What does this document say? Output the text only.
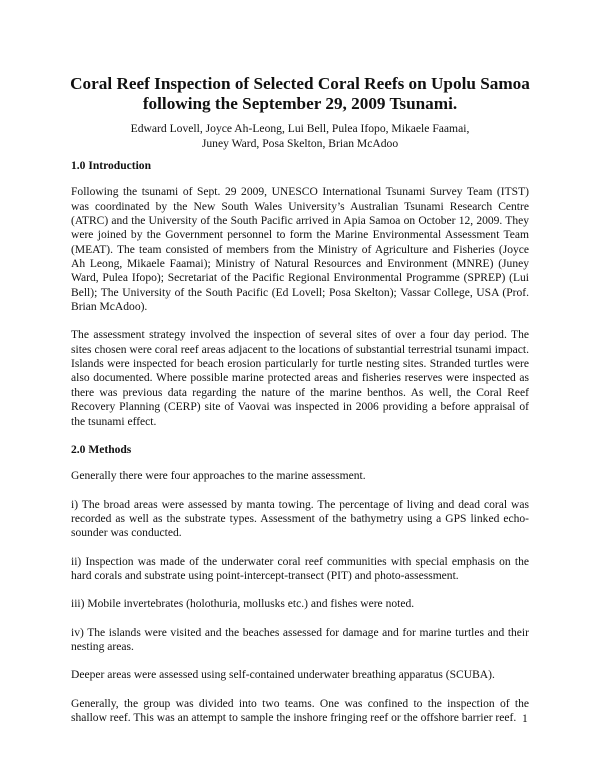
Coral Reef Inspection of Selected Coral Reefs on Upolu Samoa
following the September 29, 2009 Tsunami.
Edward Lovell, Joyce Ah-Leong, Lui Bell, Pulea Ifopo, Mikaele Faamai,
Juney Ward, Posa Skelton, Brian McAdoo
1.0 Introduction

Following the tsunami of Sept. 29 2009, UNESCO International Tsunami Survey Team (ITST) was coordinated by the New South Wales University’s Australian Tsunami Research Centre (ATRC) and the University of the South Pacific arrived in Apia Samoa on October 12, 2009. They were joined by the Government personnel to form the Marine Environmental Assessment Team (MEAT). The team consisted of members from the Ministry of Agriculture and Fisheries (Joyce Ah Leong, Mikaele Faamai); Ministry of Natural Resources and Environment (MNRE) (Juney Ward, Pulea Ifopo); Secretariat of the Pacific Regional Environmental Programme (SPREP) (Lui Bell); The University of the South Pacific (Ed Lovell; Posa Skelton); Vassar College, USA (Prof. Brian McAdoo).

The assessment strategy involved the inspection of several sites of over a four day period. The sites chosen were coral reef areas adjacent to the locations of substantial terrestrial tsunami impact. Islands were inspected for beach erosion particularly for turtle nesting sites. Stranded turtles were also documented. Where possible marine protected areas and fisheries reserves were inspected as there was previous data regarding the nature of the marine benthos. As well, the Coral Reef Recovery Planning (CERP) site of Vaovai was inspected in 2006 providing a before appraisal of the tsunami effect.

2.0 Methods

Generally there were four approaches to the marine assessment.

i) The broad areas were assessed by manta towing. The percentage of living and dead coral was recorded as well as the substrate types. Assessment of the bathymetry using a GPS linked echo-sounder was conducted.

ii) Inspection was made of the underwater coral reef communities with special emphasis on the hard corals and substrate using point-intercept-transect (PIT) and photo-assessment.

iii) Mobile invertebrates (holothuria, mollusks etc.) and fishes were noted.

iv) The islands were visited and the beaches assessed for damage and for marine turtles and their nesting areas.

Deeper areas were assessed using self-contained underwater breathing apparatus (SCUBA).

Generally, the group was divided into two teams. One was confined to the inspection of the shallow reef. This was an attempt to sample the inshore fringing reef or the offshore barrier reef. 1
